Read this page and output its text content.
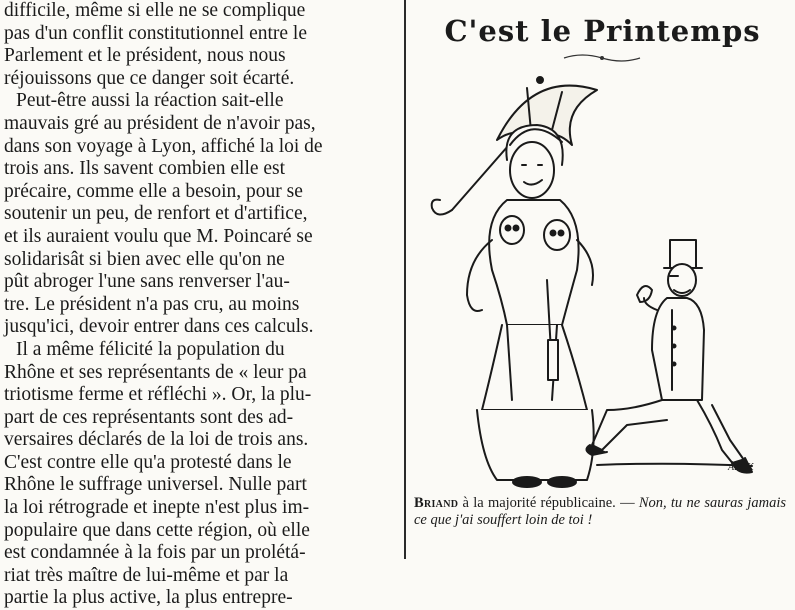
difficile, même si elle ne se complique
pas d'un conflit constitutionnel entre le
Parlement et le président, nous nous
réjouissons que ce danger soit écarté.
Peut-être aussi la réaction sait-elle
mauvais gré au président de n'avoir pas,
dans son voyage à Lyon, affiché la loi de
trois ans. Ils savent combien elle est
précaire, comme elle a besoin, pour se
soutenir un peu, de renfort et d'artifice,
et ils auraient voulu que M. Poincaré se
solidarisât si bien avec elle qu'on ne
pût abroger l'une sans renverser l'au-
tre. Le président n'a pas cru, au moins
jusqu'ici, devoir entrer dans ces calculs.
Il a même félicité la population du
Rhône et ses représentants de « leur pa
triotisme ferme et réfléchi ». Or, la plu-
part de ces représentants sont des ad-
versaires déclarés de la loi de trois ans.
C'est contre elle qu'a protesté dans le
Rhône le suffrage universel. Nulle part
la loi rétrograde et inepte n'est plus im-
populaire que dans cette région, où elle
est condamnée à la fois par un prolétá-
riat très maître de lui-même et par la
partie la plus active, la plus entrepre-
C'est le Printemps
APCK
Briand à la majorité républicaine. — Non, tu ne sauras jamais ce que j'ai souffert loin de toi !
